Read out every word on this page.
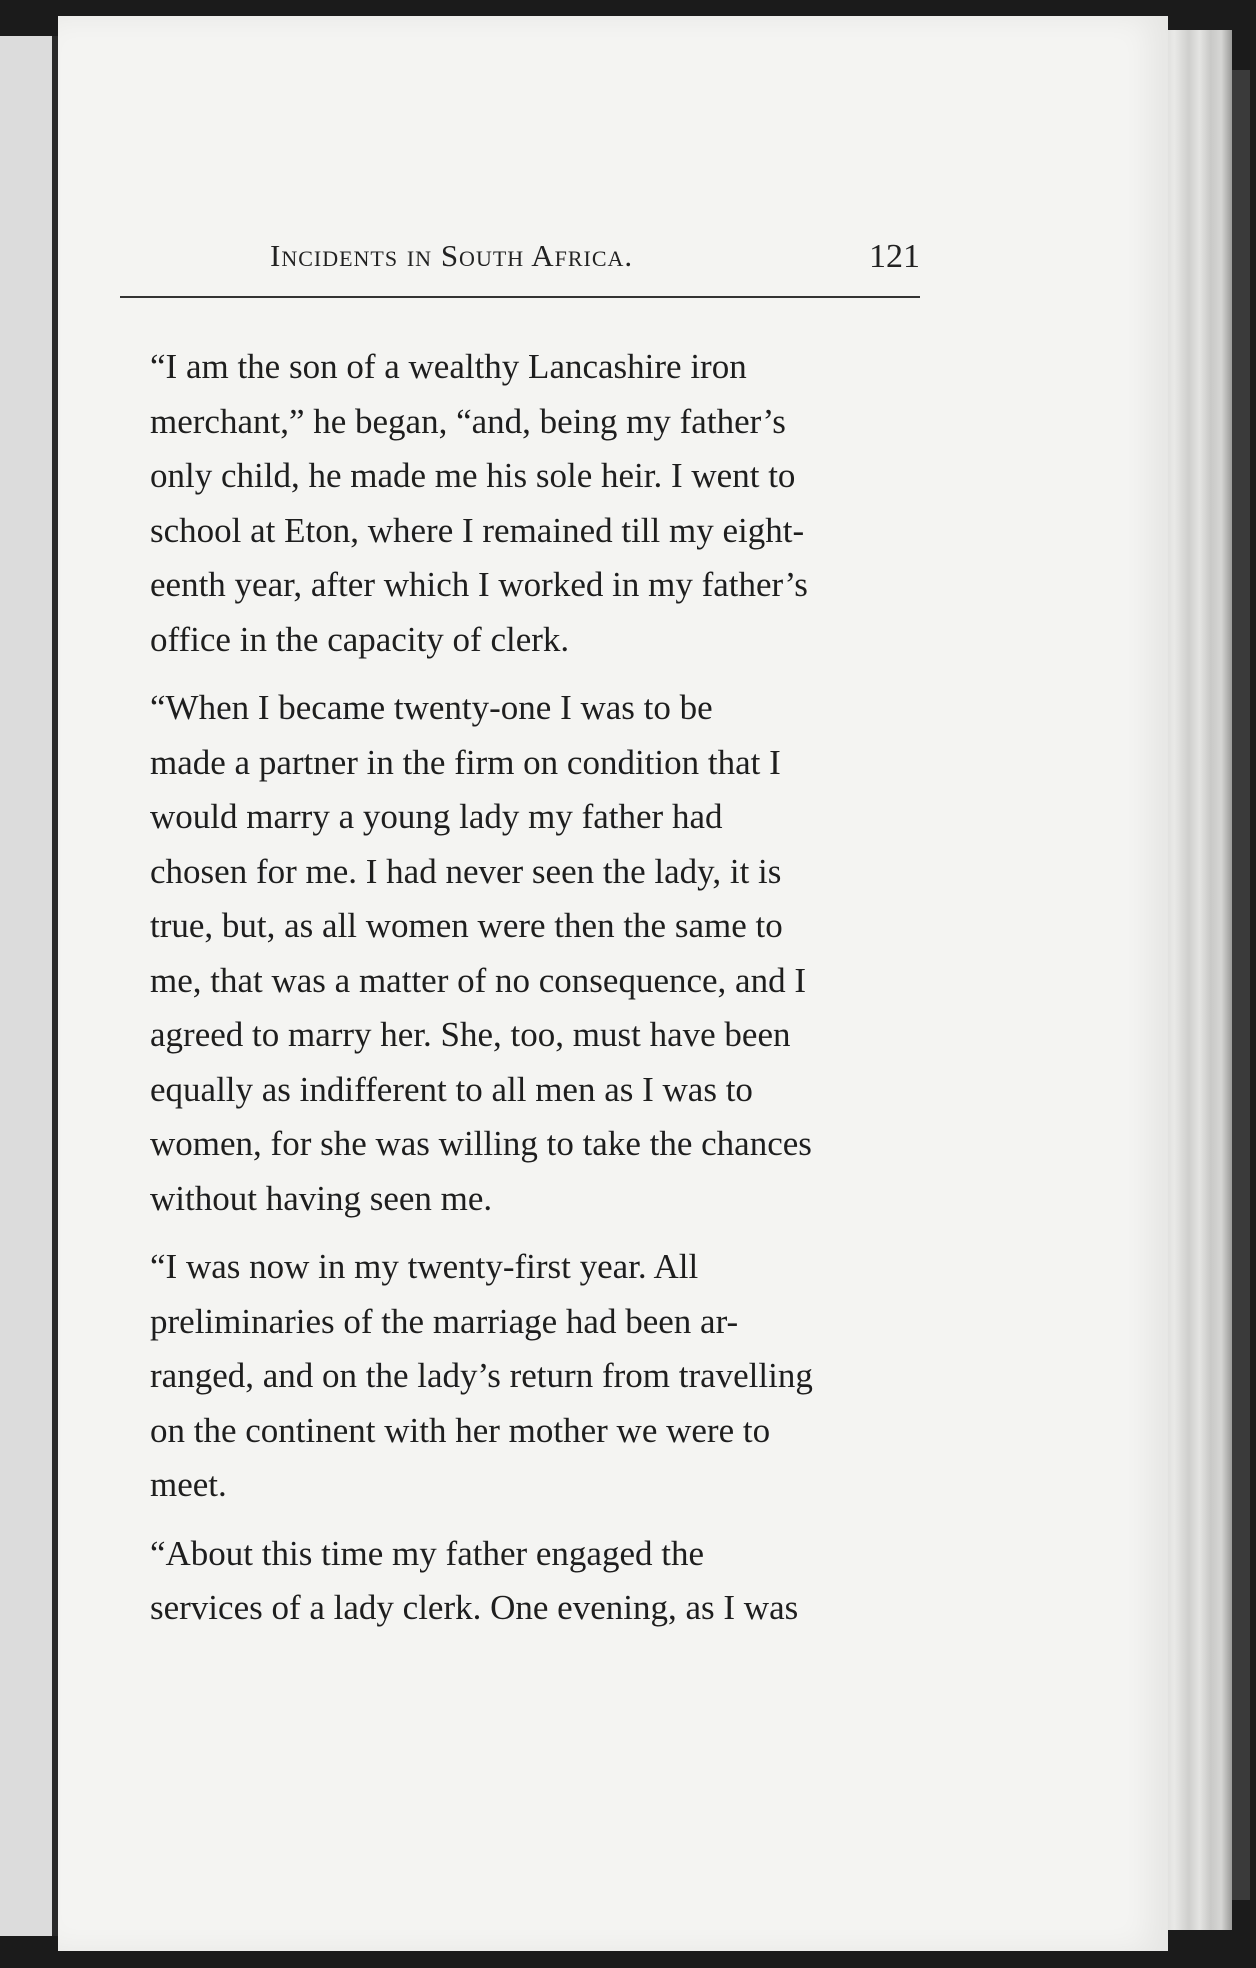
Incidents in South Africa.	121

“I am the son of a wealthy Lancashire iron
merchant,” he began, “and, being my father’s
only child, he made me his sole heir. I went to
school at Eton, where I remained till my eight-
eenth year, after which I worked in my father’s
office in the capacity of clerk.

“When I became twenty-one I was to be
made a partner in the firm on condition that I
would marry a young lady my father had
chosen for me. I had never seen the lady, it is
true, but, as all women were then the same to
me, that was a matter of no consequence, and I
agreed to marry her. She, too, must have been
equally as indifferent to all men as I was to
women, for she was willing to take the chances
without having seen me.

“I was now in my twenty-first year. All
preliminaries of the marriage had been ar-
ranged, and on the lady’s return from travelling
on the continent with her mother we were to
meet.

“About this time my father engaged the
services of a lady clerk. One evening, as I was
